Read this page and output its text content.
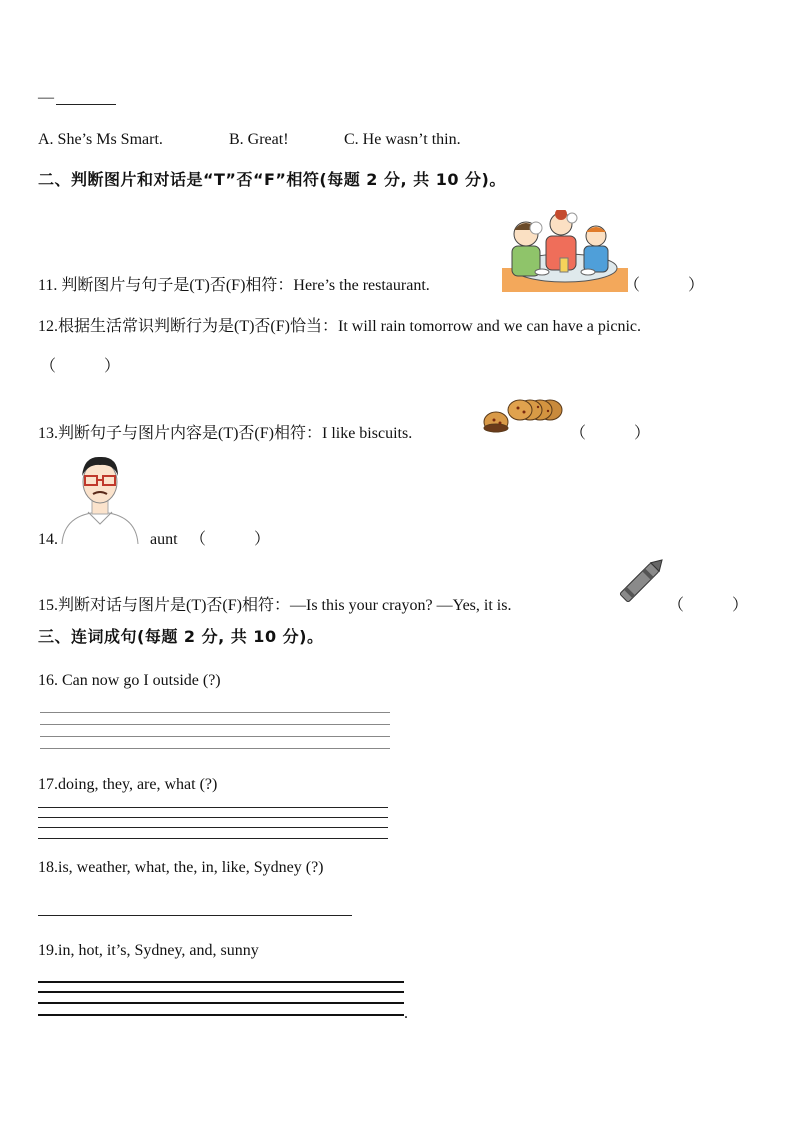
—
A. She’s Ms Smart.	B. Great!	C. He wasn’t thin.
二、判断图片和对话是“T”否“F”相符(每题 2 分, 共 10 分)。
11. 判断图片与句子是(T)否(F)相符：Here’s the restaurant.	（　　　）
12.根据生活常识判断行为是(T)否(F)恰当：It will rain tomorrow and we can have a picnic.
（　　　）
13.判断句子与图片内容是(T)否(F)相符：I like biscuits.	（　　　）
14.	aunt （　　　）
15.判断对话与图片是(T)否(F)相符：—Is this your crayon? —Yes, it is.	（　　　）
三、连词成句(每题 2 分, 共 10 分)。
16. Can now go I outside (?)
17.doing, they, are, what (?)
18.is, weather, what, the, in, like, Sydney (?)
19.in, hot, it’s, Sydney, and, sunny
.
